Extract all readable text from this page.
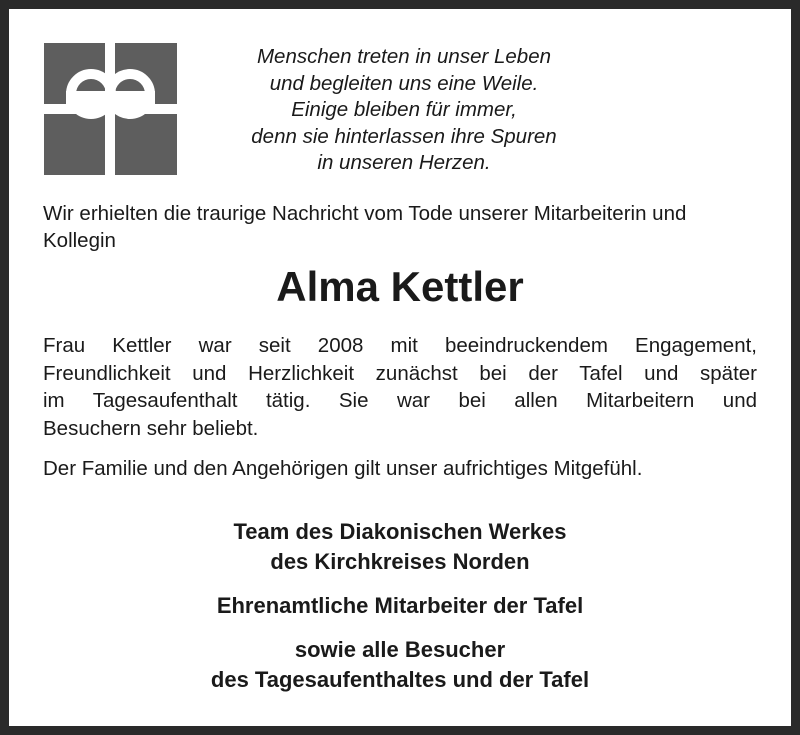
Menschen treten in unser Leben
und begleiten uns eine Weile.
Einige bleiben für immer,
denn sie hinterlassen ihre Spuren
in unseren Herzen.
Wir erhielten die traurige Nachricht vom Tode unserer Mitarbeiterin und Kollegin
Alma Kettler
Frau Kettler war seit 2008 mit beeindruckendem Engagement,
Freundlichkeit und Herzlichkeit zunächst bei der Tafel und später
im Tagesaufenthalt tätig. Sie war bei allen Mitarbeitern und
Besuchern sehr beliebt.
Der Familie und den Angehörigen gilt unser aufrichtiges Mitgefühl.
Team des Diakonischen Werkes
des Kirchkreises Norden
Ehrenamtliche Mitarbeiter der Tafel
sowie alle Besucher
des Tagesaufenthaltes und der Tafel
